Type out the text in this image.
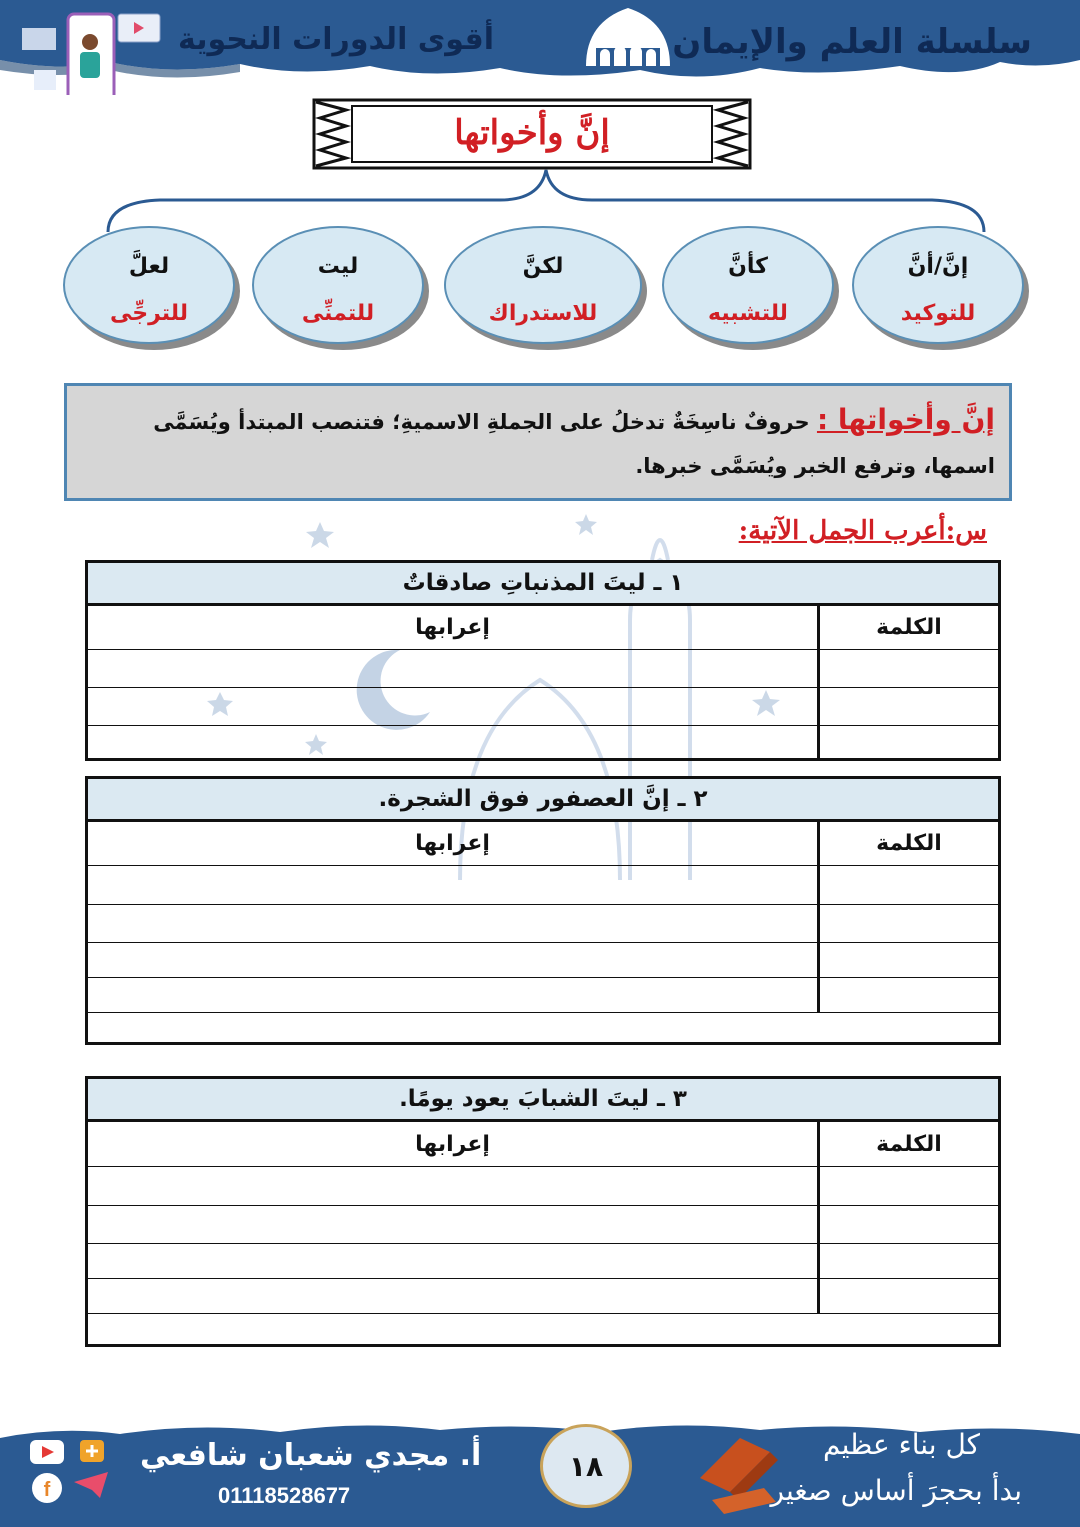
سلسلة العلم والإيمان
أقوى الدورات النحوية
إنَّ وأخواتها
لعلَّ
للترجِّى
ليت
للتمنِّى
لكنَّ
للاستدراك
كأنَّ
للتشبيه
إنَّ/أنَّ
للتوكيد
إنَّ وأخواتها : حروفٌ ناسِخَةٌ تدخلُ على الجملةِ الاسميةِ؛ فتنصب المبتدأ ويُسَمَّى اسمها، وترفع الخبر ويُسَمَّى خبرها.
س:أعرب الجمل الآتية:
١ ـ ليتَ المذنباتِ صادقاتٌ
الكلمة
إعرابها
٢ ـ إنَّ العصفور فوق الشجرة.
الكلمة
إعرابها
٣ ـ ليتَ الشبابَ يعود يومًا.
الكلمة
إعرابها
f
١٨
أ. مجدي شعبان شافعي
01118528677
كل بناء عظيم
بدأ بحجرَ أساس صغير
